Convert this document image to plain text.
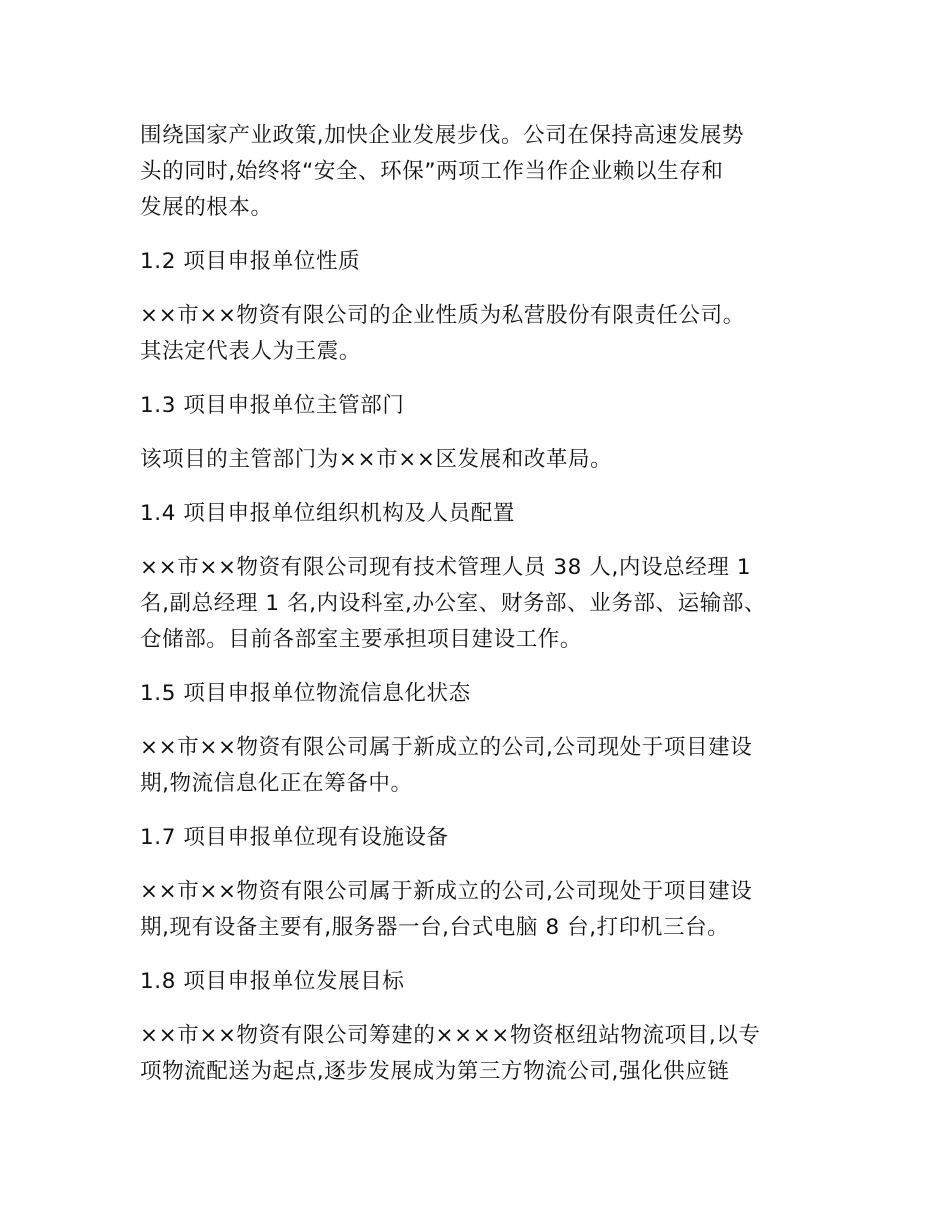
围绕国家产业政策,加快企业发展步伐。公司在保持高速发展势
头的同时,始终将“安全、环保”两项工作当作企业赖以生存和
发展的根本。
1.2 项目申报单位性质
××市××物资有限公司的企业性质为私营股份有限责任公司。
其法定代表人为王震。
1.3 项目申报单位主管部门
该项目的主管部门为××市××区发展和改革局。
1.4 项目申报单位组织机构及人员配置
××市××物资有限公司现有技术管理人员 38 人,内设总经理 1
名,副总经理 1 名,内设科室,办公室、财务部、业务部、运输部、
仓储部。目前各部室主要承担项目建设工作。
1.5 项目申报单位物流信息化状态
××市××物资有限公司属于新成立的公司,公司现处于项目建设
期,物流信息化正在筹备中。
1.7 项目申报单位现有设施设备
××市××物资有限公司属于新成立的公司,公司现处于项目建设
期,现有设备主要有,服务器一台,台式电脑 8 台,打印机三台。
1.8 项目申报单位发展目标
××市××物资有限公司筹建的××××物资枢纽站物流项目,以专
项物流配送为起点,逐步发展成为第三方物流公司,强化供应链
